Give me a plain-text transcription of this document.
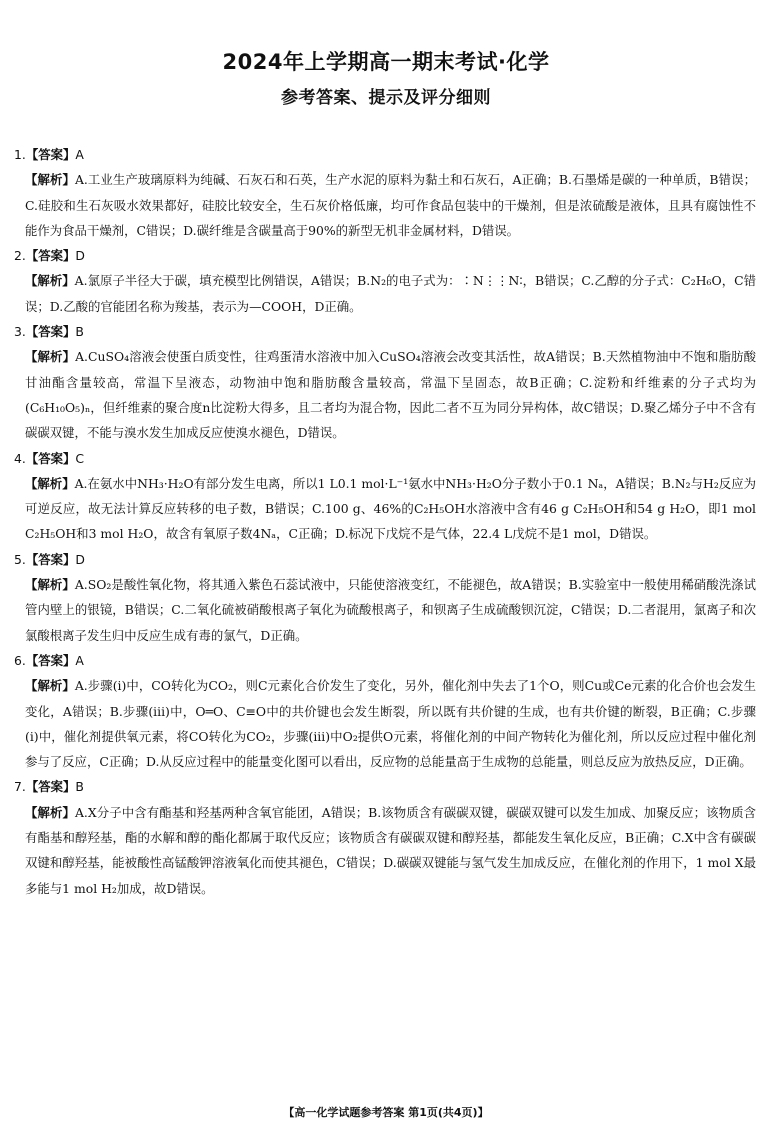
2024年上学期高一期末考试·化学
参考答案、提示及评分细则

1.【答案】A

【解析】A.工业生产玻璃原料为纯碱、石灰石和石英，生产水泥的原料为黏土和石灰石，A正确；B.石墨烯是碳的一种单质，B错误；C.硅胶和生石灰吸水效果都好，硅胶比较安全，生石灰价格低廉，均可作食品包装中的干燥剂，但是浓硫酸是液体，且具有腐蚀性不能作为食品干燥剂，C错误；D.碳纤维是含碳量高于90%的新型无机非金属材料，D错误。

2.【答案】D

【解析】A.氯原子半径大于碳，填充模型比例错误，A错误；B.N₂的电子式为：∶N⋮⋮N∶，B错误；C.乙醇的分子式：C₂H₆O，C错误；D.乙酸的官能团名称为羧基，表示为—COOH，D正确。

3.【答案】B

【解析】A.CuSO₄溶液会使蛋白质变性，往鸡蛋清水溶液中加入CuSO₄溶液会改变其活性，故A错误；B.天然植物油中不饱和脂肪酸甘油酯含量较高，常温下呈液态，动物油中饱和脂肪酸含量较高，常温下呈固态，故B正确；C.淀粉和纤维素的分子式均为(C₆H₁₀O₅)ₙ，但纤维素的聚合度n比淀粉大得多，且二者均为混合物，因此二者不互为同分异构体，故C错误；D.聚乙烯分子中不含有碳碳双键，不能与溴水发生加成反应使溴水褪色，D错误。

4.【答案】C

【解析】A.在氨水中NH₃·H₂O有部分发生电离，所以1 L0.1 mol·L⁻¹氨水中NH₃·H₂O分子数小于0.1 Nₐ，A错误；B.N₂与H₂反应为可逆反应，故无法计算反应转移的电子数，B错误；C.100 g、46%的C₂H₅OH水溶液中含有46 g C₂H₅OH和54 g H₂O，即1 mol C₂H₅OH和3 mol H₂O，故含有氧原子数4Nₐ，C正确；D.标况下戊烷不是气体，22.4 L戊烷不是1 mol，D错误。

5.【答案】D

【解析】A.SO₂是酸性氧化物，将其通入紫色石蕊试液中，只能使溶液变红，不能褪色，故A错误；B.实验室中一般使用稀硝酸洗涤试管内壁上的银镜，B错误；C.二氧化硫被硝酸根离子氧化为硫酸根离子，和钡离子生成硫酸钡沉淀，C错误；D.二者混用，氯离子和次氯酸根离子发生归中反应生成有毒的氯气，D正确。

6.【答案】A

【解析】A.步骤(i)中，CO转化为CO₂，则C元素化合价发生了变化，另外，催化剂中失去了1个O，则Cu或Ce元素的化合价也会发生变化，A错误；B.步骤(iii)中，O═O、C≡O中的共价键也会发生断裂，所以既有共价键的生成，也有共价键的断裂，B正确；C.步骤(i)中，催化剂提供氧元素，将CO转化为CO₂，步骤(iii)中O₂提供O元素，将催化剂的中间产物转化为催化剂，所以反应过程中催化剂参与了反应，C正确；D.从反应过程中的能量变化图可以看出，反应物的总能量高于生成物的总能量，则总反应为放热反应，D正确。

7.【答案】B

【解析】A.X分子中含有酯基和羟基两种含氧官能团，A错误；B.该物质含有碳碳双键，碳碳双键可以发生加成、加聚反应；该物质含有酯基和醇羟基，酯的水解和醇的酯化都属于取代反应；该物质含有碳碳双键和醇羟基，都能发生氧化反应，B正确；C.X中含有碳碳双键和醇羟基，能被酸性高锰酸钾溶液氧化而使其褪色，C错误；D.碳碳双键能与氢气发生加成反应，在催化剂的作用下，1 mol X最多能与1 mol H₂加成，故D错误。

【高一化学试题参考答案 第1页(共4页)】
